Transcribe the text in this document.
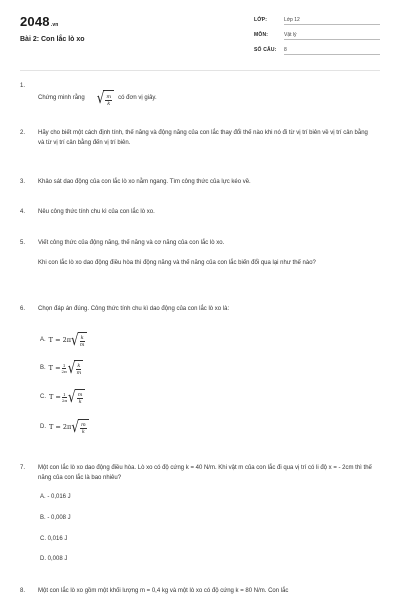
2048.vn
Bài 2: Con lắc lò xo
LỚP:	Lớp 12
MÔN:	Vật lý
SỐ CÂU: 8
1.
Chứng minh rằng √ $\frac{m}{k}$ có đơn vị giây.
2.	Hãy cho biết một cách định tính, thế năng và động năng của con lắc thay đổi thế nào khi nó đi từ vị trí biên về vị trí cân bằng và từ vị trí cân bằng đến vị trí biên.
3.	Khảo sát dao động của con lắc lò xo nằm ngang. Tìm công thức của lực kéo về.
4.	Nêu công thức tính chu kì của con lắc lò xo.
5.	Viết công thức của động năng, thế năng và cơ năng của con lắc lò xo.
Khi con lắc lò xo dao động điều hòa thì động năng và thế năng của con lắc biến đổi qua lại như thế nào?
6.	Chọn đáp án đúng. Công thức tính chu kì dao động của con lắc lò xo là:
A. T = 2π √ $\frac{k}{m}$
B. $T = \frac{1}{2\pi}$ √ $\frac{k}{m}$
C. $T = \frac{1}{2\pi}$ √ $\frac{m}{k}$
D. T = 2π √ $\frac{m}{k}$
7.	Một con lắc lò xo dao động điều hòa. Lò xo có độ cứng k = 40 N/m. Khi vật m của con lắc đi qua vị trí có li độ x = - 2cm thì thế năng của con lắc là bao nhiêu?
A. - 0,016 J
B. - 0,008 J
C. 0,016 J
D. 0,008 J
8.	Một con lắc lò xo gồm một khối lượng m = 0,4 kg và một lò xo có độ cứng k = 80 N/m. Con lắc
